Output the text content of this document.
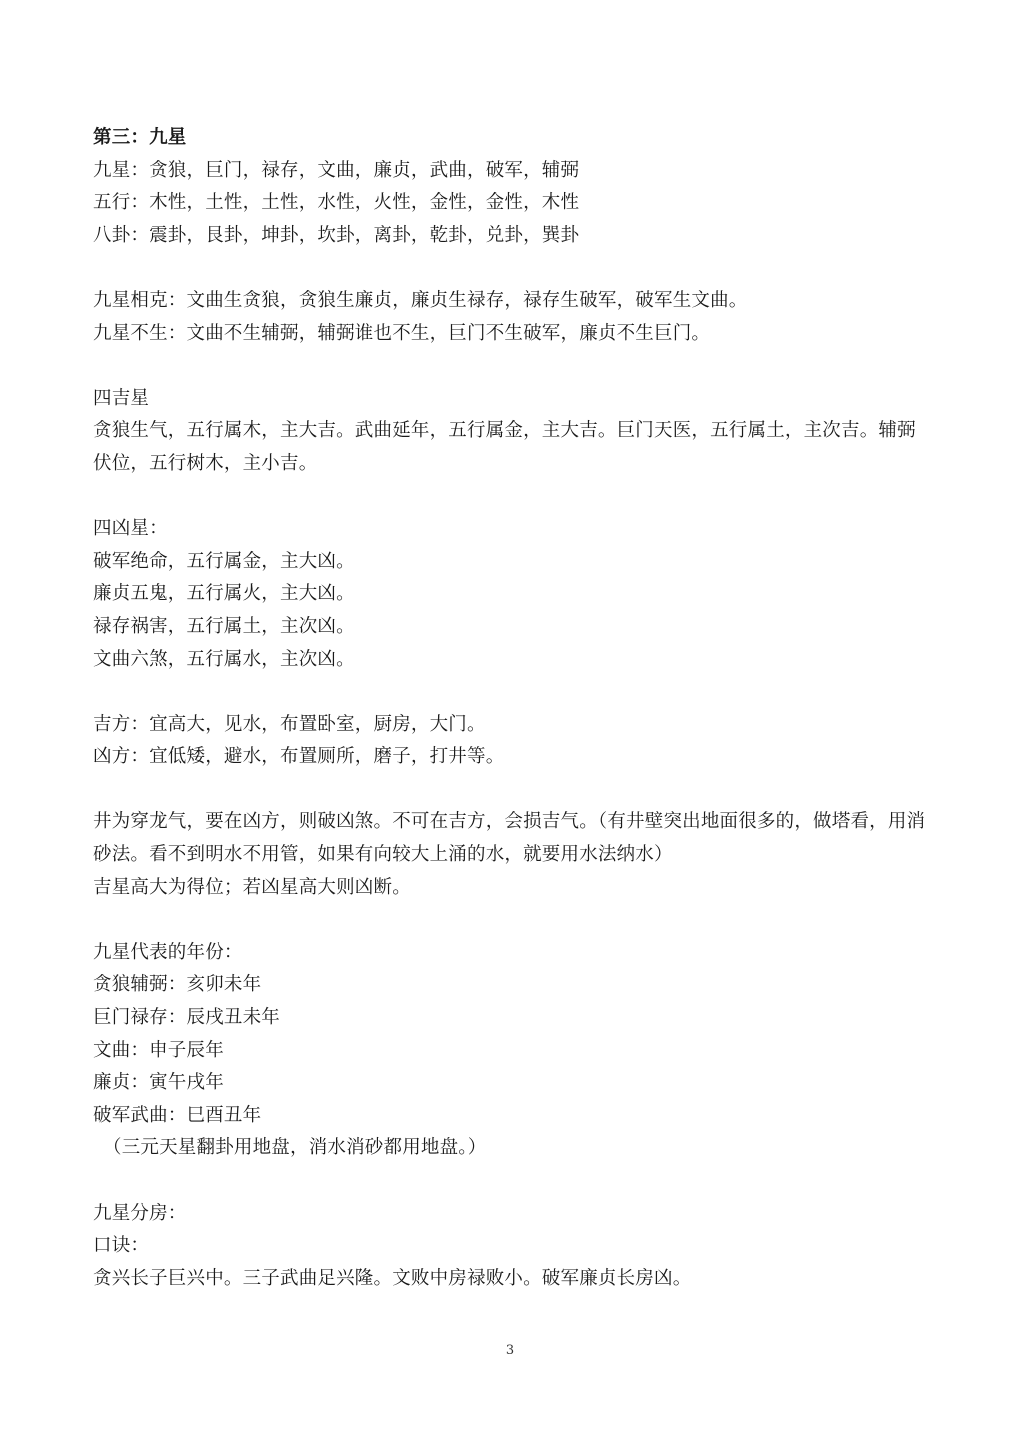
第三：九星
九星：贪狼，巨门，禄存，文曲，廉贞，武曲，破军，辅弼
五行：木性，土性，土性，水性，火性，金性，金性，木性
八卦：震卦，艮卦，坤卦，坎卦，离卦，乾卦，兑卦，巽卦
九星相克：文曲生贪狼，贪狼生廉贞，廉贞生禄存，禄存生破军，破军生文曲。
九星不生：文曲不生辅弼，辅弼谁也不生，巨门不生破军，廉贞不生巨门。
四吉星
贪狼生气，五行属木，主大吉。武曲延年，五行属金，主大吉。巨门天医，五行属土，主次吉。辅弼伏位，五行树木，主小吉。
四凶星：
破军绝命，五行属金，主大凶。
廉贞五鬼，五行属火，主大凶。
禄存祸害，五行属土，主次凶。
文曲六煞，五行属水，主次凶。
吉方：宜高大，见水，布置卧室，厨房，大门。
凶方：宜低矮，避水，布置厕所，磨子，打井等。
井为穿龙气，要在凶方，则破凶煞。不可在吉方，会损吉气。（有井壁突出地面很多的，做塔看，用消砂法。看不到明水不用管，如果有向较大上涌的水，就要用水法纳水）
吉星高大为得位；若凶星高大则凶断。
九星代表的年份：
贪狼辅弼：亥卯未年
巨门禄存：辰戌丑未年
文曲：申子辰年
廉贞：寅午戌年
破军武曲：巳酉丑年
（三元天星翻卦用地盘，消水消砂都用地盘。）
九星分房：
口诀：
贪兴长子巨兴中。三子武曲足兴隆。文败中房禄败小。破军廉贞长房凶。
3
